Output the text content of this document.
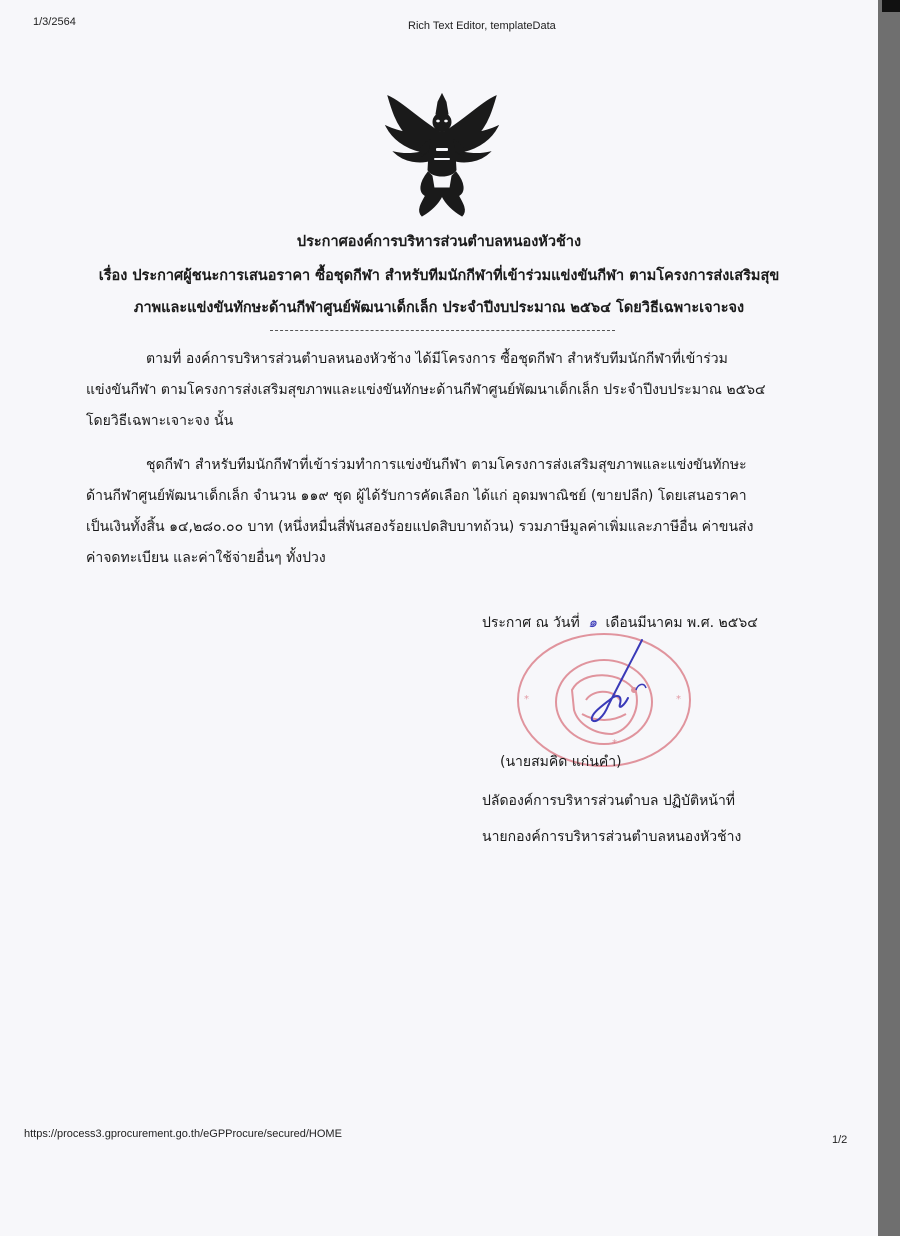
1/3/2564	Rich Text Editor, templateData
ประกาศองค์การบริหารส่วนตำบลหนองหัวช้าง
เรื่อง ประกาศผู้ชนะการเสนอราคา ซื้อชุดกีฬา สำหรับทีมนักกีฬาที่เข้าร่วมแข่งขันกีฬา ตามโครงการส่งเสริมสุข
ภาพและแข่งขันทักษะด้านกีฬาศูนย์พัฒนาเด็กเล็ก ประจำปีงบประมาณ ๒๕๖๔ โดยวิธีเฉพาะเจาะจง
ตามที่ องค์การบริหารส่วนตำบลหนองหัวช้าง ได้มีโครงการ ซื้อชุดกีฬา สำหรับทีมนักกีฬาที่เข้าร่วม
แข่งขันกีฬา ตามโครงการส่งเสริมสุขภาพและแข่งขันทักษะด้านกีฬาศูนย์พัฒนาเด็กเล็ก ประจำปีงบประมาณ ๒๕๖๔
โดยวิธีเฉพาะเจาะจง นั้น
ชุดกีฬา สำหรับทีมนักกีฬาที่เข้าร่วมทำการแข่งขันกีฬา ตามโครงการส่งเสริมสุขภาพและแข่งขันทักษะ
ด้านกีฬาศูนย์พัฒนาเด็กเล็ก จำนวน ๑๑๙ ชุด ผู้ได้รับการคัดเลือก ได้แก่ อุดมพาณิชย์ (ขายปลีก) โดยเสนอราคา
เป็นเงินทั้งสิ้น ๑๔,๒๘๐.๐๐ บาท (หนึ่งหมื่นสี่พันสองร้อยแปดสิบบาทถ้วน) รวมภาษีมูลค่าเพิ่มและภาษีอื่น ค่าขนส่ง
ค่าจดทะเบียน และค่าใช้จ่ายอื่นๆ ทั้งปวง
*
*	*
ประกาศ ณ วันที่ ๑ เดือนมีนาคม พ.ศ. ๒๕๖๔
(นายสมคิด แก่นคำ)
ปลัดองค์การบริหารส่วนตำบล ปฏิบัติหน้าที่
นายกองค์การบริหารส่วนตำบลหนองหัวช้าง
https://process3.gprocurement.go.th/eGPProcure/secured/HOME	1/2
